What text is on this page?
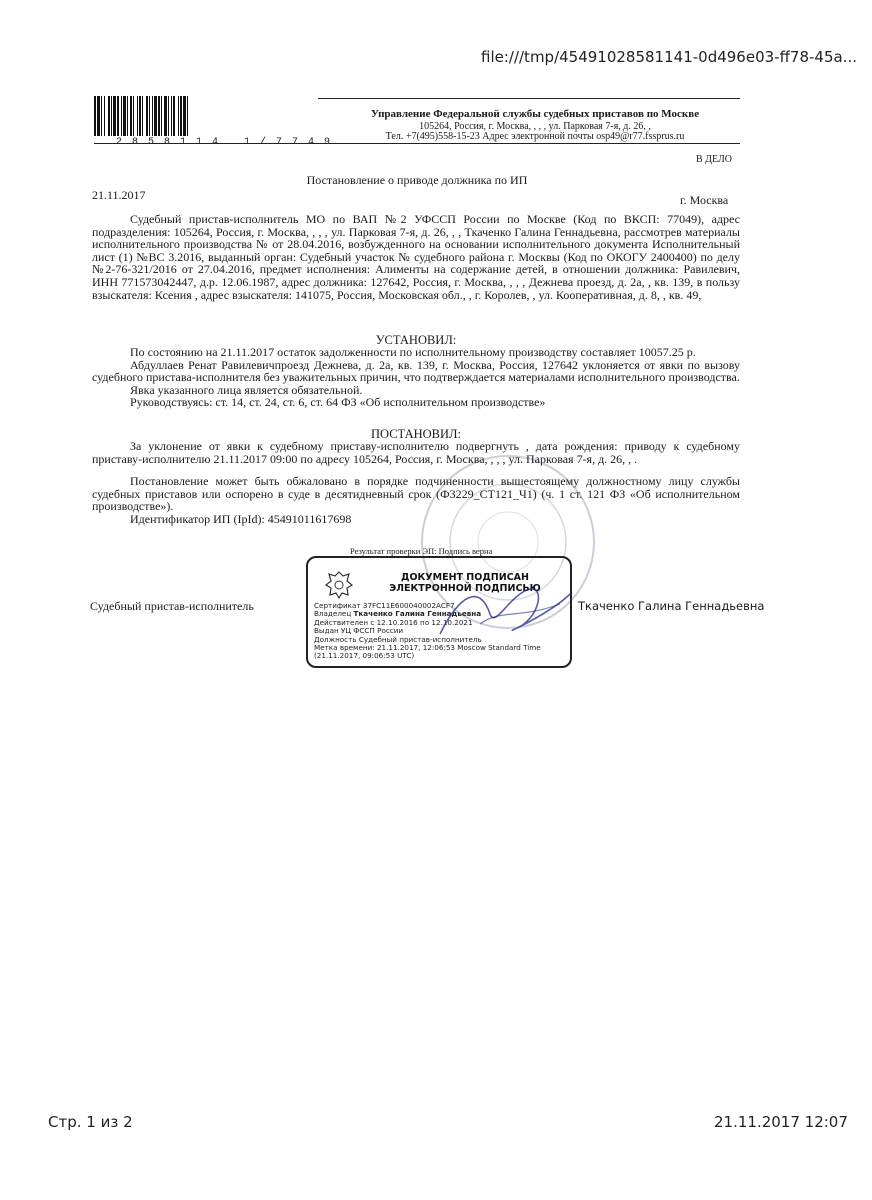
file:///tmp/45491028581141-0d496e03-ff78-45a...
2858114 1/7749
Управление Федеральной службы судебных приставов по Москве
105264, Россия, г. Москва, , , , ул. Парковая 7-я, д. 26, ,
Тел. +7(495)558-15-23 Адрес электронной почты osp49@r77.fssprus.ru
В ДЕЛО
Постановление о приводе должника по ИП
21.11.2017	г. Москва

Судебный пристав-исполнитель МО по ВАП №2 УФССП России по Москве (Код по ВКСП: 77049), адрес подразделения: 105264, Россия, г. Москва, , , , ул. Парковая 7-я, д. 26, , , Ткаченко Галина Геннадьевна, рассмотрев материалы исполнительного производства № от 28.04.2016, возбужденного на основании исполнительного документа Исполнительный лист (1) №ВС 3.2016, выданный орган: Судебный участок № судебного района г. Москвы (Код по ОКОГУ 2400400) по делу №2-76-321/2016 от 27.04.2016, предмет исполнения: Алименты на содержание детей, в отношении должника: Равилевич, ИНН 771573042447, д.р. 12.06.1987, адрес должника: 127642, Россия, г. Москва, , , , Дежнева проезд, д. 2а, , кв. 139, в пользу взыскателя: Ксения , адрес взыскателя: 141075, Россия, Московская обл., , г. Королев, , ул. Кооперативная, д. 8, , кв. 49,

УСТАНОВИЛ:

По состоянию на 21.11.2017 остаток задолженности по исполнительному производству составляет 10057.25 р.

Абдуллаев Ренат Равилевичпроезд Дежнева, д. 2а, кв. 139, г. Москва, Россия, 127642 уклоняется от явки по вызову судебного пристава-исполнителя без уважительных причин, что подтверждается материалами исполнительного производства.

Явка указанного лица является обязательной.

Руководствуясь: ст. 14, ст. 24, ст. 6, ст. 64 ФЗ «Об исполнительном производстве»

ПОСТАНОВИЛ:

За уклонение от явки к судебному приставу-исполнителю подвергнуть , дата рождения: приводу к судебному приставу-исполнителю 21.11.2017 09:00 по адресу 105264, Россия, г. Москва, , , , ул. Парковая 7-я, д. 26, , .

Постановление может быть обжаловано в порядке подчиненности вышестоящему должностному лицу службы судебных приставов или оспорено в суде в десятидневный срок (Ф3229_СТ121_Ч1) (ч. 1 ст. 121 ФЗ «Об исполнительном производстве»).

Идентификатор ИП (IpId): 45491011617698

Результат проверки ЭП: Подпись верна
ДОКУМЕНТ ПОДПИСАН
ЭЛЕКТРОННОЙ ПОДПИСЬЮ
Сертификат 37FC11E600040002ACF7
Владелец Ткаченко Галина Геннадьевна
Действителен с 12.10.2016 по 12.10.2021
Выдан УЦ ФССП России
Должность Судебный пристав-исполнитель
Метка времени: 21.11.2017, 12:06:53 Moscow Standard Time
(21.11.2017, 09:06:53 UTC)
Судебный пристав-исполнитель	Ткаченко Галина Геннадьевна
Стр. 1 из 2	21.11.2017 12:07
